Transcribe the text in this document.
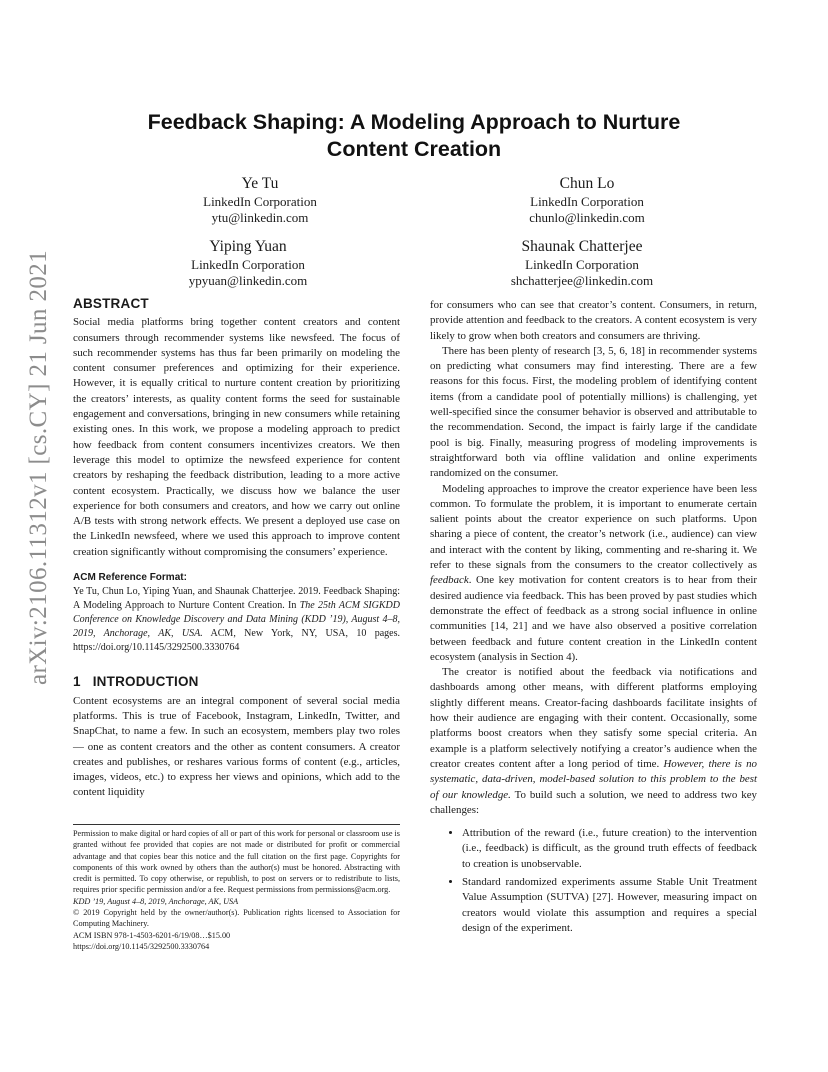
arXiv:2106.11312v1 [cs.CY] 21 Jun 2021
Feedback Shaping: A Modeling Approach to Nurture Content Creation
Ye Tu
LinkedIn Corporation
ytu@linkedin.com
Chun Lo
LinkedIn Corporation
chunlo@linkedin.com
Yiping Yuan
LinkedIn Corporation
ypyuan@linkedin.com
Shaunak Chatterjee
LinkedIn Corporation
shchatterjee@linkedin.com
ABSTRACT

Social media platforms bring together content creators and content consumers through recommender systems like newsfeed. The focus of such recommender systems has thus far been primarily on modeling the content consumer preferences and optimizing for their experience. However, it is equally critical to nurture content creation by prioritizing the creators’ interests, as quality content forms the seed for sustainable engagement and conversations, bringing in new consumers while retaining existing ones. In this work, we propose a modeling approach to predict how feedback from content consumers incentivizes creators. We then leverage this model to optimize the newsfeed experience for content creators by reshaping the feedback distribution, leading to a more active content ecosystem. Practically, we discuss how we balance the user experience for both consumers and creators, and how we carry out online A/B tests with strong network effects. We present a deployed use case on the LinkedIn newsfeed, where we used this approach to improve content creation significantly without compromising the consumers’ experience.

ACM Reference Format:
Ye Tu, Chun Lo, Yiping Yuan, and Shaunak Chatterjee. 2019. Feedback Shaping: A Modeling Approach to Nurture Content Creation. In The 25th ACM SIGKDD Conference on Knowledge Discovery and Data Mining (KDD ’19), August 4–8, 2019, Anchorage, AK, USA. ACM, New York, NY, USA, 10 pages. https://doi.org/10.1145/3292500.3330764
1 INTRODUCTION

Content ecosystems are an integral component of several social media platforms. This is true of Facebook, Instagram, LinkedIn, Twitter, and SnapChat, to name a few. In such an ecosystem, members play two roles — one as content creators and the other as content consumers. A creator creates and publishes, or reshares various forms of content (e.g., articles, images, videos, etc.) to express her views and opinions, which add to the content liquidity

Permission to make digital or hard copies of all or part of this work for personal or classroom use is granted without fee provided that copies are not made or distributed for profit or commercial advantage and that copies bear this notice and the full citation on the first page. Copyrights for components of this work owned by others than the author(s) must be honored. Abstracting with credit is permitted. To copy otherwise, or republish, to post on servers or to redistribute to lists, requires prior specific permission and/or a fee. Request permissions from permissions@acm.org.

KDD ’19, August 4–8, 2019, Anchorage, AK, USA

© 2019 Copyright held by the owner/author(s). Publication rights licensed to Association for Computing Machinery.

ACM ISBN 978-1-4503-6201-6/19/08…$15.00
https://doi.org/10.1145/3292500.3330764

for consumers who can see that creator’s content. Consumers, in return, provide attention and feedback to the creators. A content ecosystem is very likely to grow when both creators and consumers are thriving.

There has been plenty of research [3, 5, 6, 18] in recommender systems on predicting what consumers may find interesting. There are a few reasons for this focus. First, the modeling problem of identifying content items (from a candidate pool of potentially millions) is challenging, yet well-specified since the consumer behavior is observed and attributable to the recommendation. Second, the impact is fairly large if the candidate pool is big. Finally, measuring progress of modeling improvements is straightforward both via offline validation and online experiments randomized on the consumer.

Modeling approaches to improve the creator experience have been less common. To formulate the problem, it is important to enumerate certain salient points about the creator experience on such platforms. Upon sharing a piece of content, the creator’s network (i.e., audience) can view and interact with the content by liking, commenting and re-sharing it. We refer to these signals from the consumers to the creator collectively as feedback. One key motivation for content creators is to hear from their desired audience via feedback. This has been proved by past studies which demonstrate the effect of feedback as a strong social influence in online communities [14, 21] and we have also observed a positive correlation between feedback and future content creation in the LinkedIn content ecosystem (analysis in Section 4).

The creator is notified about the feedback via notifications and dashboards among other means, with different platforms employing slightly different means. Creator-facing dashboards facilitate insights of how their audience are engaging with their content. Occasionally, some platforms boost creators when they satisfy some special criteria. An example is a platform selectively notifying a creator’s audience when the creator creates content after a long period of time. However, there is no systematic, data-driven, model-based solution to this problem to the best of our knowledge. To build such a solution, we need to address two key challenges:

• Attribution of the reward (i.e., future creation) to the intervention (i.e., feedback) is difficult, as the ground truth effects of feedback to creation is unobservable.
• Standard randomized experiments assume Stable Unit Treatment Value Assumption (SUTVA) [27]. However, measuring impact on creators would violate this assumption and requires a special design of the experiment.
